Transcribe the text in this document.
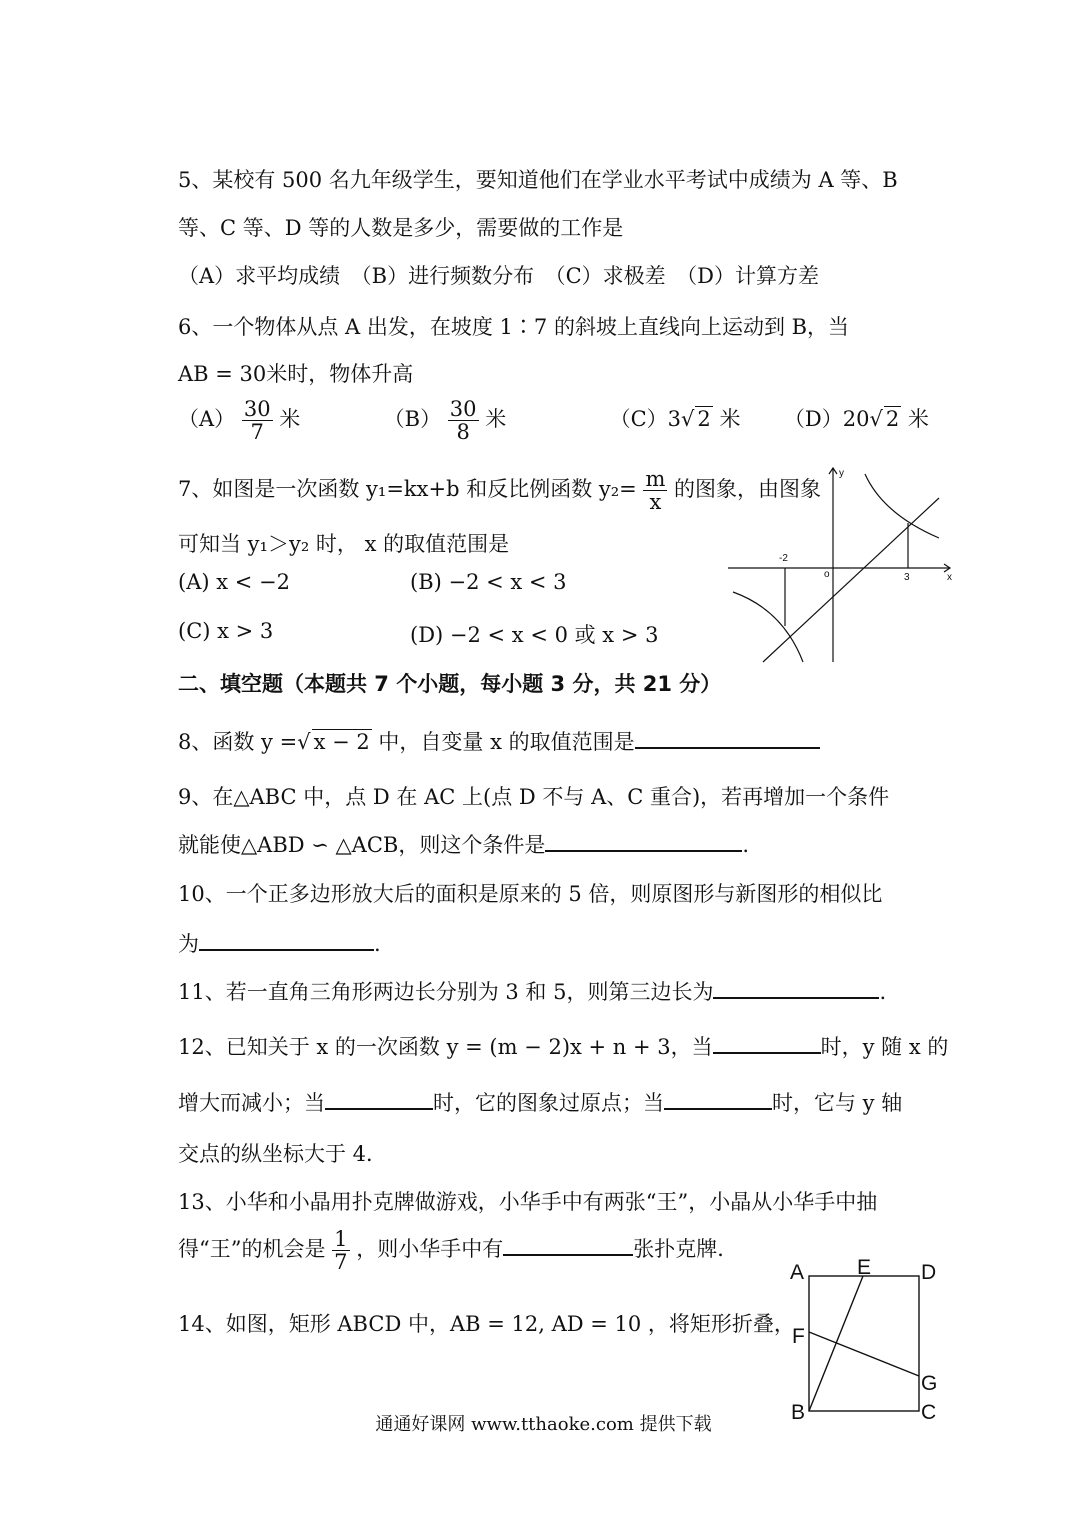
5、某校有 500 名九年级学生，要知道他们在学业水平考试中成绩为 A 等、B
等、C 等、D 等的人数是多少，需要做的工作是
（A）求平均成绩　（B）进行频数分布　（C）求极差　（D）计算方差
6、一个物体从点 A 出发，在坡度 1∶7 的斜坡上直线向上运动到 B，当
AB = 30米时，物体升高
$(A) \frac{30}{7}$ 米	$(B) \frac{30}{8}$ 米	（C）3√ 2 米 （D）20√ 2 米
7、如图是一次函数 y₁=kx+b 和反比例函数 $y_2= \frac{m}{x}$ 的图象，由图象
可知当 y₁＞y₂ 时， x 的取值范围是
(A) x < −2	(B) −2 < x < 3
(C) x > 3	(D) −2 < x < 0 或 x > 3
y
x
o
-2
3
二、填空题（本题共 7 个小题，每小题 3 分，共 21 分）
8、函数 y =√ x − 2 中，自变量 x 的取值范围是
9、在△ABC 中，点 D 在 AC 上(点 D 不与 A、C 重合)，若再增加一个条件
就能使△ABD ∽ △ACB，则这个条件是	.
10、一个正多边形放大后的面积是原来的 5 倍，则原图形与新图形的相似比
为	.
11、若一直角三角形两边长分别为 3 和 5，则第三边长为	.
12、已知关于 x 的一次函数 y = (m − 2)x + n + 3，当	时，y 随 x 的
增大而减小；当	时，它的图象过原点；当	时，它与 y 轴
交点的纵坐标大于 4．
13、小华和小晶用扑克牌做游戏，小华手中有两张“王”，小晶从小华手中抽
得“王”的机会是 $\frac{1}{7}$ ，则小华手中有	张扑克牌．
14、如图，矩形 ABCD 中，AB = 12, AD = 10 ，将矩形折叠，
A	E D
F
G
B	C
通通好课网 www.tthaoke.com 提供下载
